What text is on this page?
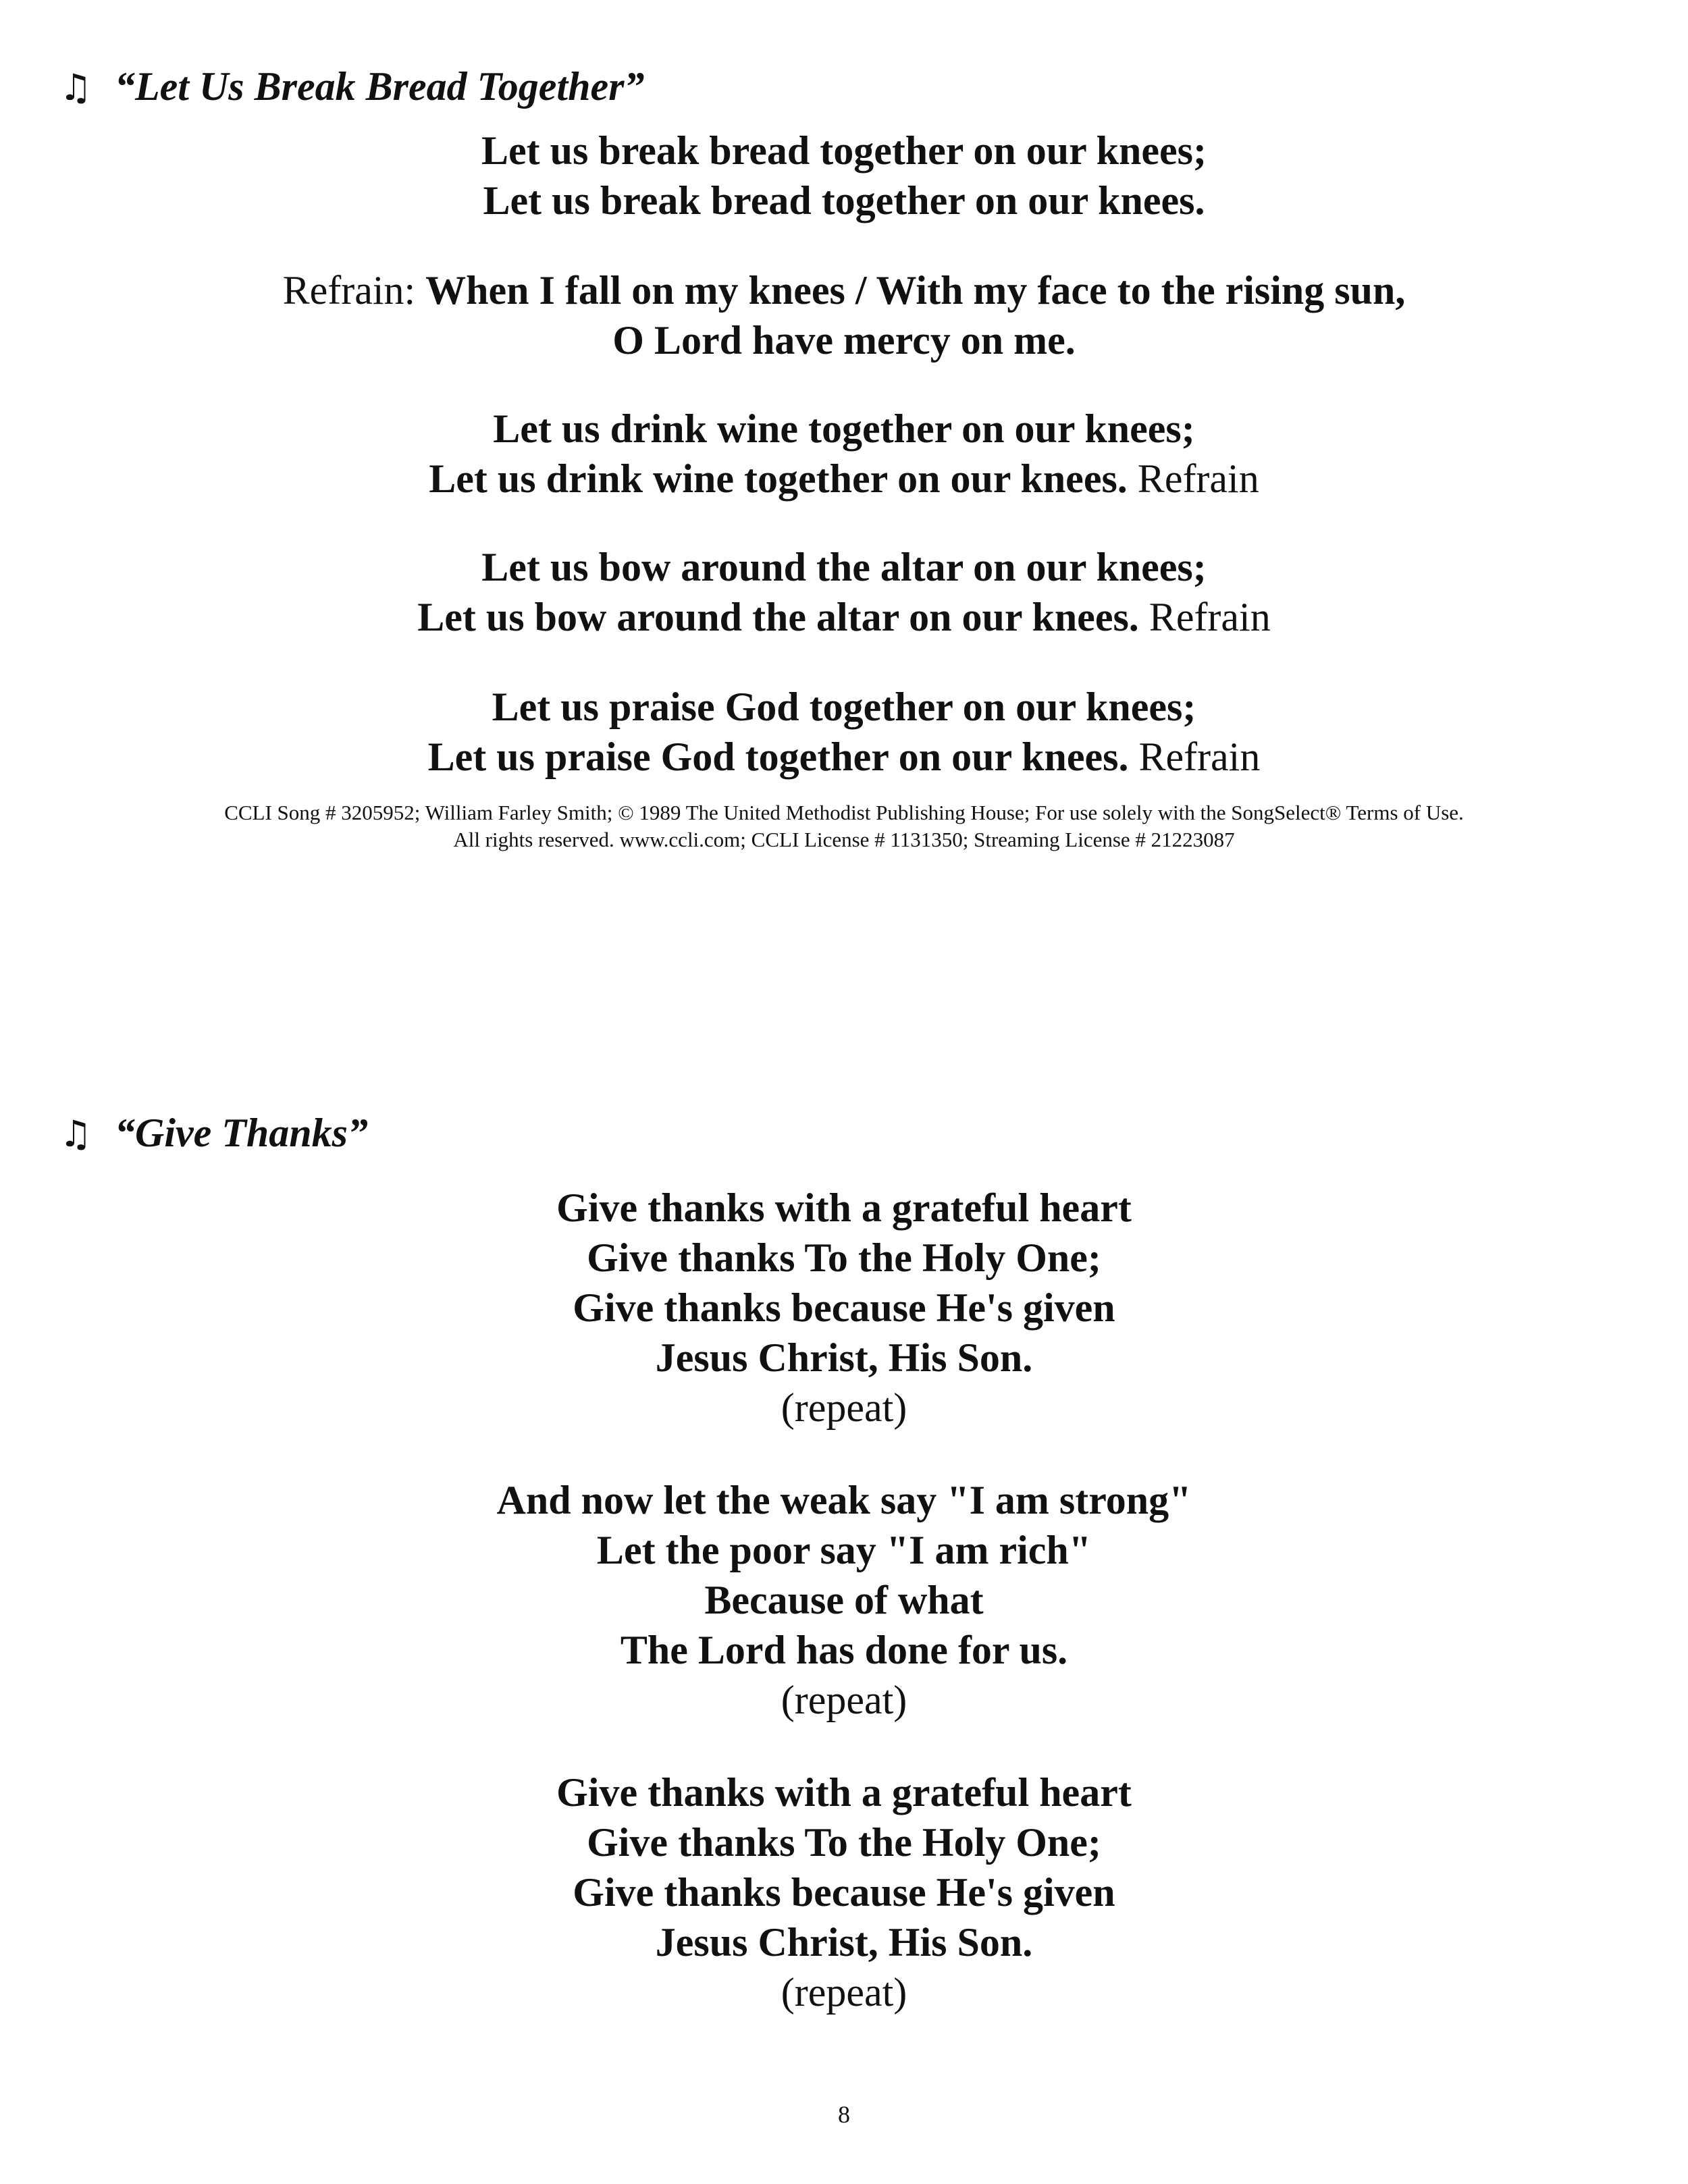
♫ “Let Us Break Bread Together”

Let us break bread together on our knees;
Let us break bread together on our knees.

Refrain: When I fall on my knees / With my face to the rising sun,
O Lord have mercy on me.

Let us drink wine together on our knees;
Let us drink wine together on our knees. Refrain

Let us bow around the altar on our knees;
Let us bow around the altar on our knees. Refrain

Let us praise God together on our knees;
Let us praise God together on our knees. Refrain

CCLI Song # 3205952; William Farley Smith; © 1989 The United Methodist Publishing House; For use solely with the SongSelect® Terms of Use.
All rights reserved. www.ccli.com; CCLI License # 1131350; Streaming License # 21223087
♫ “Give Thanks”

Give thanks with a grateful heart
Give thanks To the Holy One;
Give thanks because He's given
Jesus Christ, His Son.
(repeat)

And now let the weak say "I am strong"
Let the poor say "I am rich"
Because of what
The Lord has done for us.
(repeat)

Give thanks with a grateful heart
Give thanks To the Holy One;
Give thanks because He's given
Jesus Christ, His Son.
(repeat)

8
